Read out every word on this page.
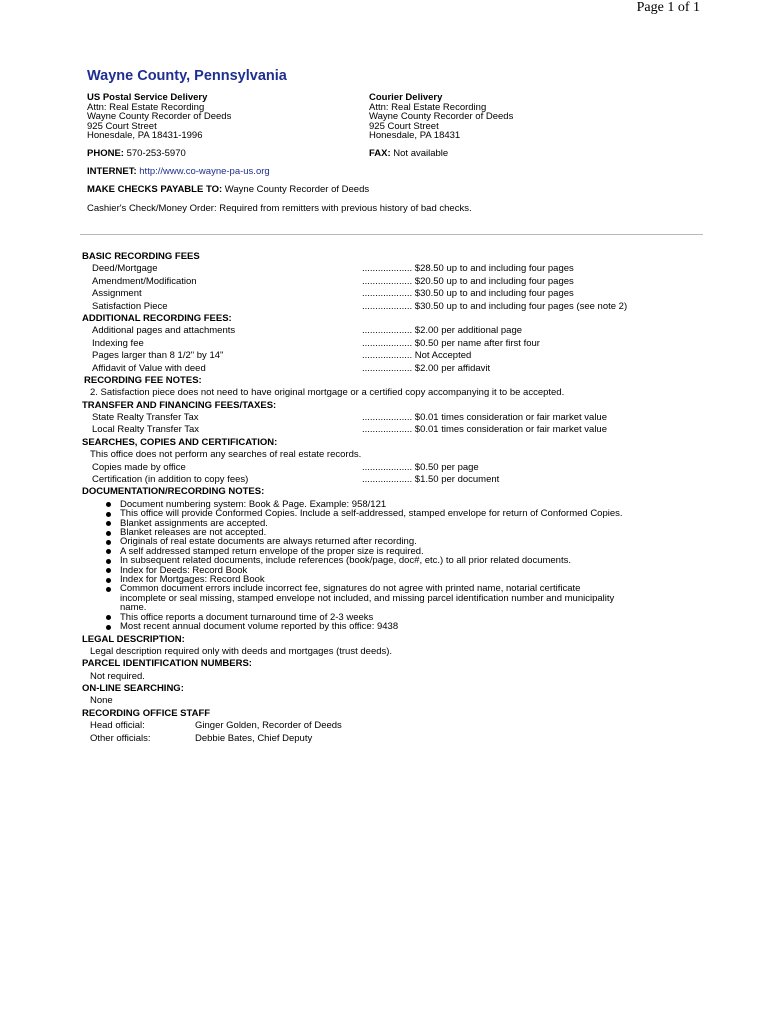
Page 1 of 1
Wayne County, Pennsylvania
US Postal Service Delivery
Attn: Real Estate Recording
Wayne County Recorder of Deeds
925 Court Street
Honesdale, PA 18431-1996
Courier Delivery
Attn: Real Estate Recording
Wayne County Recorder of Deeds
925 Court Street
Honesdale, PA 18431
PHONE: 570-253-5970	FAX: Not available
INTERNET: http://www.co-wayne-pa-us.org
MAKE CHECKS PAYABLE TO: Wayne County Recorder of Deeds
Cashier's Check/Money Order: Required from remitters with previous history of bad checks.
BASIC RECORDING FEES
Deed/Mortgage	................... $28.50 up to and including four pages
Amendment/Modification	................... $20.50 up to and including four pages
Assignment	................... $30.50 up to and including four pages
Satisfaction Piece	................... $30.50 up to and including four pages (see note 2)
ADDITIONAL RECORDING FEES:
Additional pages and attachments	................... $2.00 per additional page
Indexing fee	................... $0.50 per name after first four
Pages larger than 8 1/2" by 14"	................... Not Accepted
Affidavit of Value with deed	................... $2.00 per affidavit
RECORDING FEE NOTES:
2. Satisfaction piece does not need to have original mortgage or a certified copy accompanying it to be accepted.
TRANSFER AND FINANCING FEES/TAXES:
State Realty Transfer Tax	................... $0.01 times consideration or fair market value
Local Realty Transfer Tax	................... $0.01 times consideration or fair market value
SEARCHES, COPIES AND CERTIFICATION:
This office does not perform any searches of real estate records.
Copies made by office	................... $0.50 per page
Certification (in addition to copy fees)	................... $1.50 per document
DOCUMENTATION/RECORDING NOTES:
Document numbering system: Book & Page. Example: 958/121
This office will provide Conformed Copies. Include a self-addressed, stamped envelope for return of Conformed Copies.
Blanket assignments are accepted.
Blanket releases are not accepted.
Originals of real estate documents are always returned after recording.
A self addressed stamped return envelope of the proper size is required.
In subsequent related documents, include references (book/page, doc#, etc.) to all prior related documents.
Index for Deeds: Record Book
Index for Mortgages: Record Book
Common document errors include incorrect fee, signatures do not agree with printed name, notarial certificate incomplete or seal missing, stamped envelope not included, and missing parcel identification number and municipality name.
This office reports a document turnaround time of 2-3 weeks
Most recent annual document volume reported by this office: 9438
LEGAL DESCRIPTION:
Legal description required only with deeds and mortgages (trust deeds).
PARCEL IDENTIFICATION NUMBERS:
Not required.
ON-LINE SEARCHING:
None
RECORDING OFFICE STAFF
Head official:	Ginger Golden, Recorder of Deeds
Other officials:	Debbie Bates, Chief Deputy
